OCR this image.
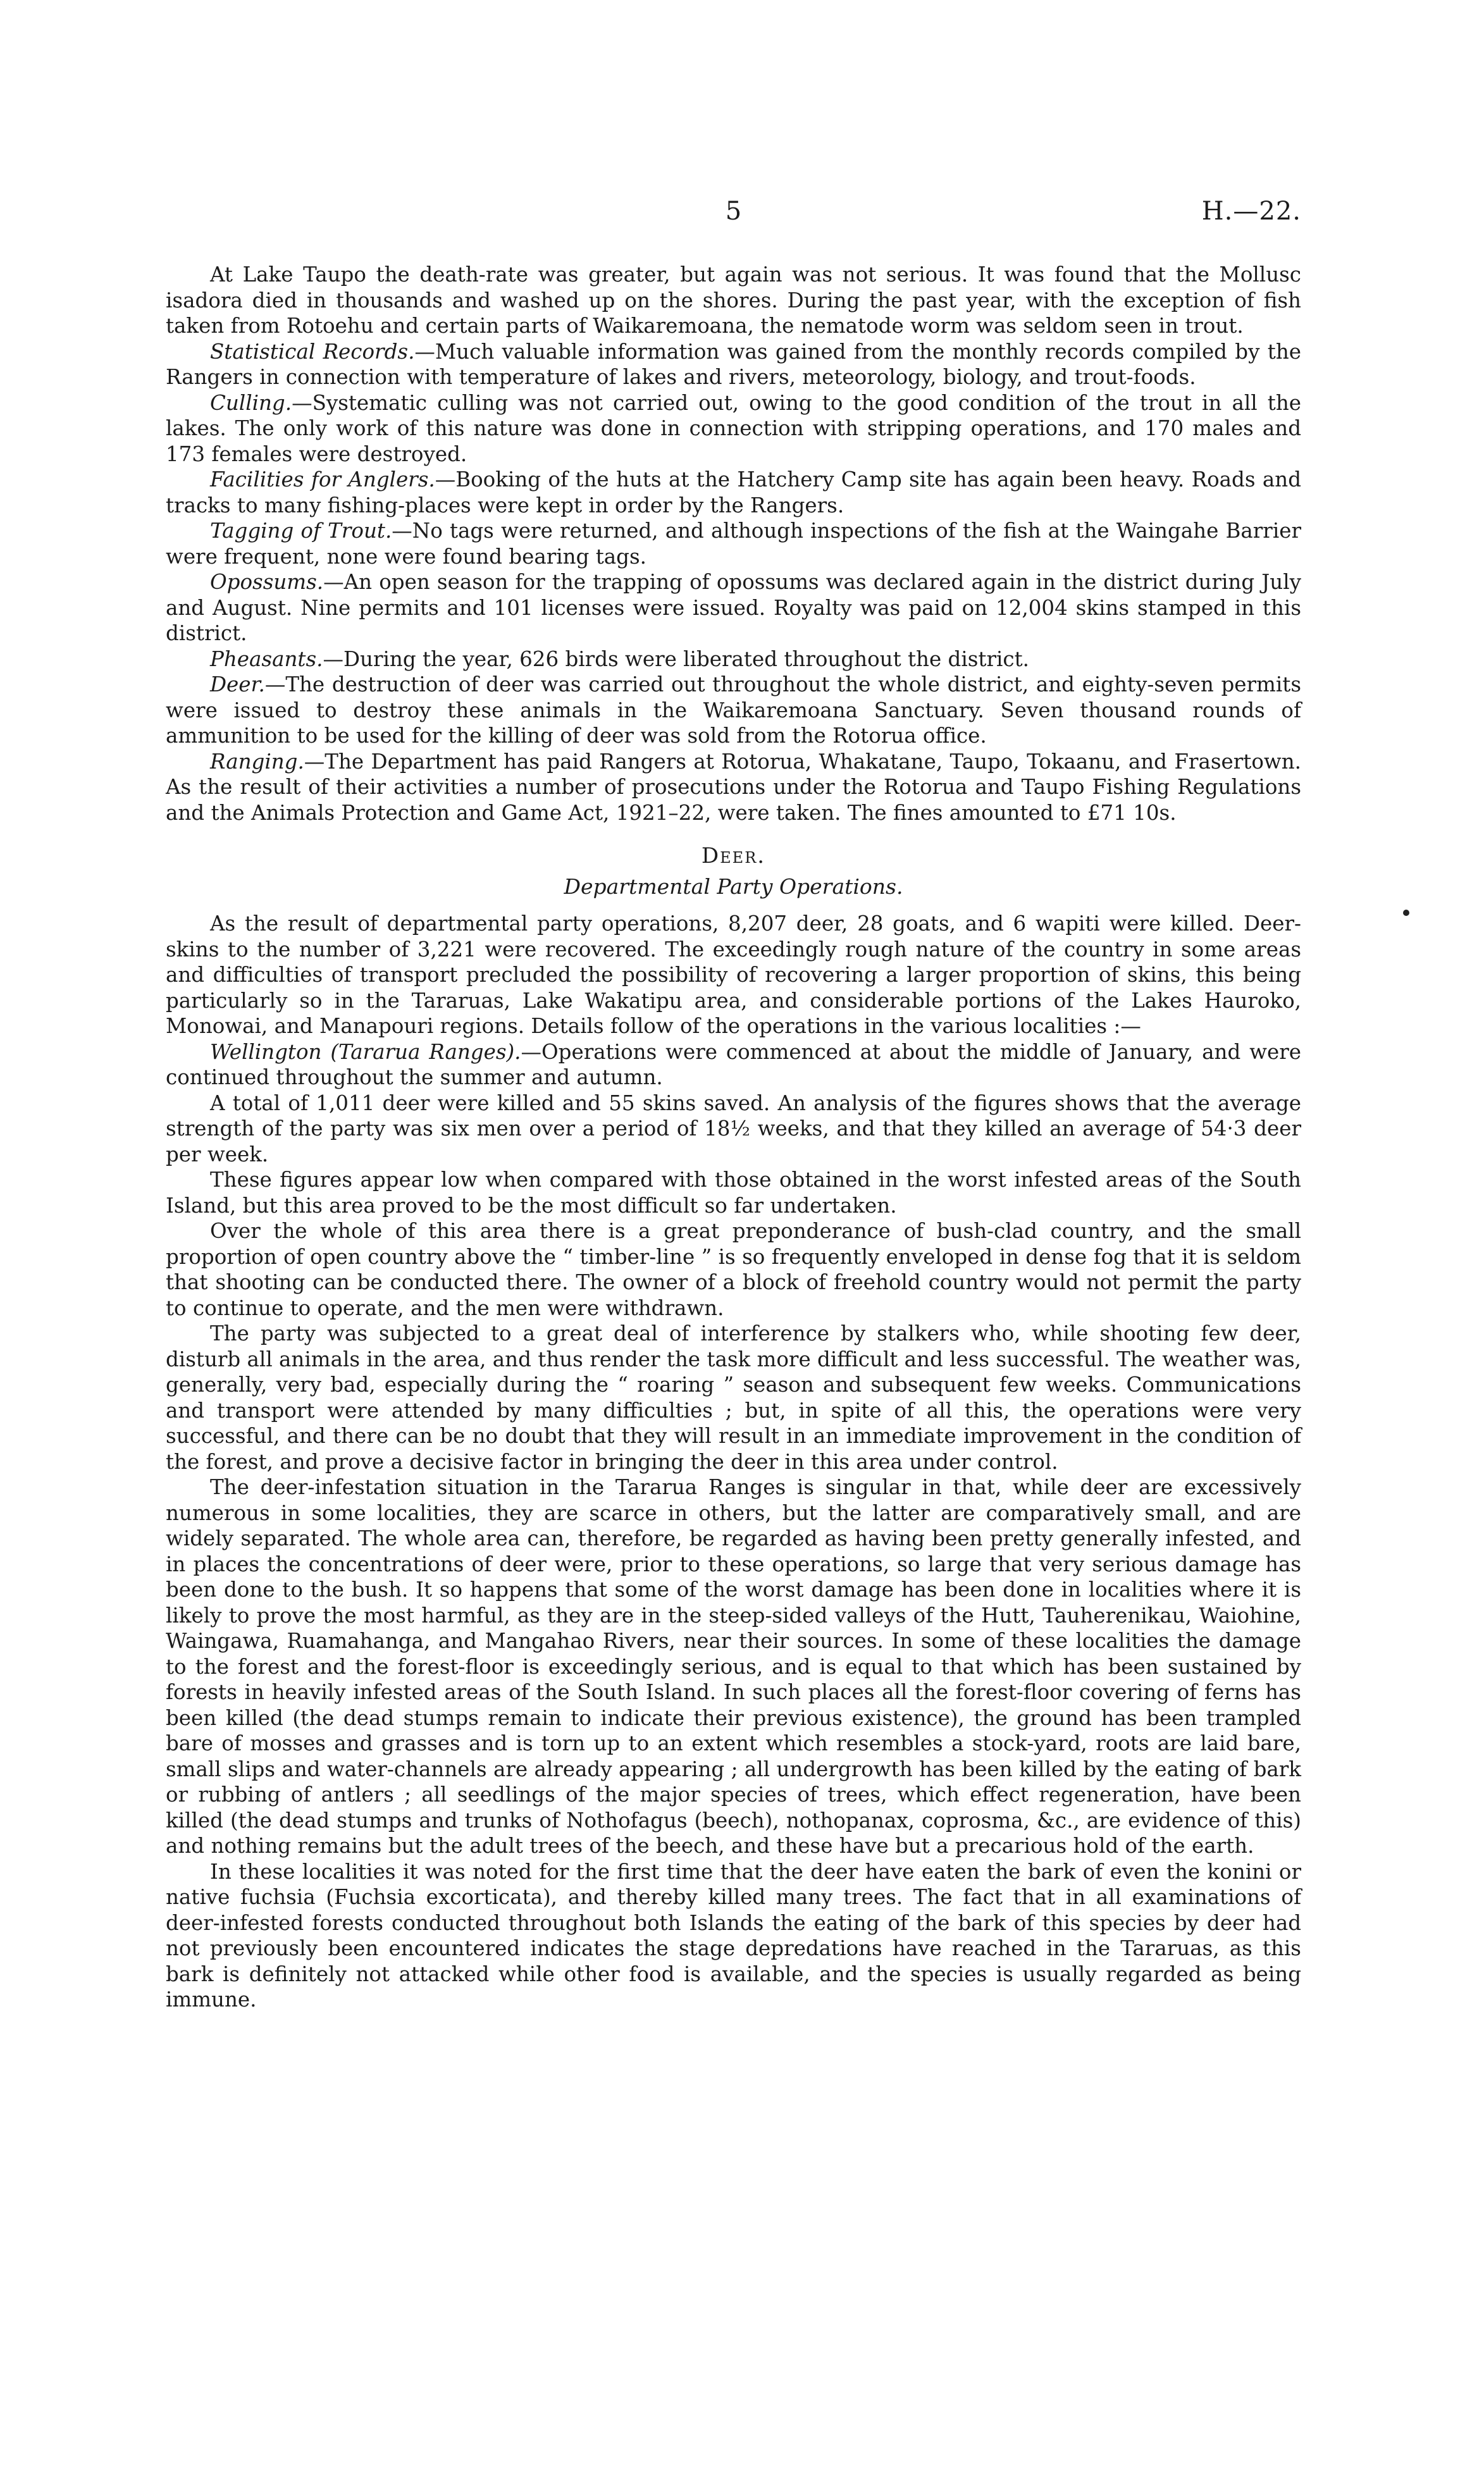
5	H.—22.

At Lake Taupo the death-rate was greater, but again was not serious. It was found that the Mollusc isadora died in thousands and washed up on the shores. During the past year, with the exception of fish taken from Rotoehu and certain parts of Waikaremoana, the nematode worm was seldom seen in trout.

Statistical Records.—Much valuable information was gained from the monthly records compiled by the Rangers in connection with temperature of lakes and rivers, meteorology, biology, and trout-foods.

Culling.—Systematic culling was not carried out, owing to the good condition of the trout in all the lakes. The only work of this nature was done in connection with stripping operations, and 170 males and 173 females were destroyed.

Facilities for Anglers.—Booking of the huts at the Hatchery Camp site has again been heavy. Roads and tracks to many fishing-places were kept in order by the Rangers.

Tagging of Trout.—No tags were returned, and although inspections of the fish at the Waingahe Barrier were frequent, none were found bearing tags.

Opossums.—An open season for the trapping of opossums was declared again in the district during July and August. Nine permits and 101 licenses were issued. Royalty was paid on 12,004 skins stamped in this district.

Pheasants.—During the year, 626 birds were liberated throughout the district.

Deer.—The destruction of deer was carried out throughout the whole district, and eighty-seven permits were issued to destroy these animals in the Waikaremoana Sanctuary. Seven thousand rounds of ammunition to be used for the killing of deer was sold from the Rotorua office.

Ranging.—The Department has paid Rangers at Rotorua, Whakatane, Taupo, Tokaanu, and Frasertown. As the result of their activities a number of prosecutions under the Rotorua and Taupo Fishing Regulations and the Animals Protection and Game Act, 1921–22, were taken. The fines amounted to £71 10s.

Deer.
Departmental Party Operations.

As the result of departmental party operations, 8,207 deer, 28 goats, and 6 wapiti were killed. Deer-skins to the number of 3,221 were recovered. The exceedingly rough nature of the country in some areas and difficulties of transport precluded the possibility of recovering a larger proportion of skins, this being particularly so in the Tararuas, Lake Wakatipu area, and considerable portions of the Lakes Hauroko, Monowai, and Manapouri regions. Details follow of the operations in the various localities :—

Wellington (Tararua Ranges).—Operations were commenced at about the middle of January, and were continued throughout the summer and autumn.

A total of 1,011 deer were killed and 55 skins saved. An analysis of the figures shows that the average strength of the party was six men over a period of 18½ weeks, and that they killed an average of 54·3 deer per week.

These figures appear low when compared with those obtained in the worst infested areas of the South Island, but this area proved to be the most difficult so far undertaken.

Over the whole of this area there is a great preponderance of bush-clad country, and the small proportion of open country above the “ timber-line ” is so frequently enveloped in dense fog that it is seldom that shooting can be conducted there. The owner of a block of freehold country would not permit the party to continue to operate, and the men were withdrawn.

The party was subjected to a great deal of interference by stalkers who, while shooting few deer, disturb all animals in the area, and thus render the task more difficult and less successful. The weather was, generally, very bad, especially during the “ roaring ” season and subsequent few weeks. Communications and transport were attended by many difficulties ; but, in spite of all this, the operations were very successful, and there can be no doubt that they will result in an immediate improvement in the condition of the forest, and prove a decisive factor in bringing the deer in this area under control.

The deer-infestation situation in the Tararua Ranges is singular in that, while deer are excessively numerous in some localities, they are scarce in others, but the latter are comparatively small, and are widely separated. The whole area can, therefore, be regarded as having been pretty generally infested, and in places the concentrations of deer were, prior to these operations, so large that very serious damage has been done to the bush. It so happens that some of the worst damage has been done in localities where it is likely to prove the most harmful, as they are in the steep-sided valleys of the Hutt, Tauherenikau, Waiohine, Waingawa, Ruamahanga, and Mangahao Rivers, near their sources. In some of these localities the damage to the forest and the forest-floor is exceedingly serious, and is equal to that which has been sustained by forests in heavily infested areas of the South Island. In such places all the forest-floor covering of ferns has been killed (the dead stumps remain to indicate their previous existence), the ground has been trampled bare of mosses and grasses and is torn up to an extent which resembles a stock-yard, roots are laid bare, small slips and water-channels are already appearing ; all undergrowth has been killed by the eating of bark or rubbing of antlers ; all seedlings of the major species of trees, which effect regeneration, have been killed (the dead stumps and trunks of Nothofagus (beech), nothopanax, coprosma, &c., are evidence of this) and nothing remains but the adult trees of the beech, and these have but a precarious hold of the earth.

In these localities it was noted for the first time that the deer have eaten the bark of even the konini or native fuchsia (Fuchsia excorticata), and thereby killed many trees. The fact that in all examinations of deer-infested forests conducted throughout both Islands the eating of the bark of this species by deer had not previously been encountered indicates the stage depredations have reached in the Tararuas, as this bark is definitely not attacked while other food is available, and the species is usually regarded as being immune.
